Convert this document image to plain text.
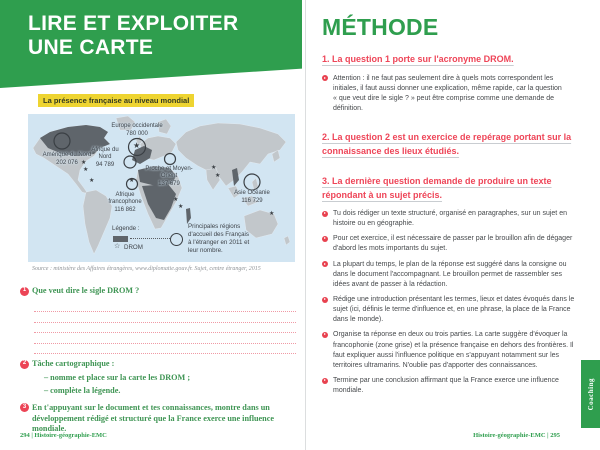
LIRE ET EXPLOITER
UNE CARTE
La présence française au niveau mondial
★
★
★
★	★
★
★
★
★
★
Europe occidentale
780 000
Amérique du Nord
202 076
Afrique du Nord
94 789
Proche et Moyen-Orient
137 679
Afrique francophone
116 862
Asie Océanie
116 729
Légende :
☆ DROM
Principales régions d'accueil des Français à l'étranger en 2011 et leur nombre.
Source : ministère des Affaires étrangères, www.diplomatie.gouv.fr. Sujet, centre étranger, 2015
1 Que veut dire le sigle DROM ?
2 Tâche cartographique :
– nomme et place sur la carte les DROM ;
– complète la légende.
3 En t'appuyant sur le document et tes connaissances, montre dans un développement rédigé et structuré que la France exerce une influence mondiale.
294 | Histoire-géographie-EMC
MÉTHODE
1. La question 1 porte sur l'acronyme DROM.

Attention : il ne faut pas seulement dire à quels mots correspondent les initiales, il faut aussi donner une explication, même rapide, car la question « que veut dire le sigle ? » peut être comprise comme une demande de définition.

2. La question 2 est un exercice de repérage portant sur la connaissance des lieux étudiés.
3. La dernière question demande de produire un texte répondant à un sujet précis.

Tu dois rédiger un texte structuré, organisé en paragraphes, sur un sujet en histoire ou en géographie.

Pour cet exercice, il est nécessaire de passer par le brouillon afin de dégager d'abord les mots importants du sujet.

La plupart du temps, le plan de la réponse est suggéré dans la consigne ou dans le document l'accompagnant. Le brouillon permet de rassembler ses idées avant de passer à la rédaction.

Rédige une introduction présentant les termes, lieux et dates évoqués dans le sujet (ici, définis le terme d'influence et, en une phrase, la place de la France dans le monde).

Organise ta réponse en deux ou trois parties. La carte suggère d'évoquer la francophonie (zone grise) et la présence française en dehors des frontières. Il faut expliquer aussi l'influence politique en s'appuyant notamment sur les territoires ultramarins. N'oublie pas d'apporter des connaissances.

Termine par une conclusion affirmant que la France exerce une influence mondiale.	Coaching
Histoire-géographie-EMC | 295
